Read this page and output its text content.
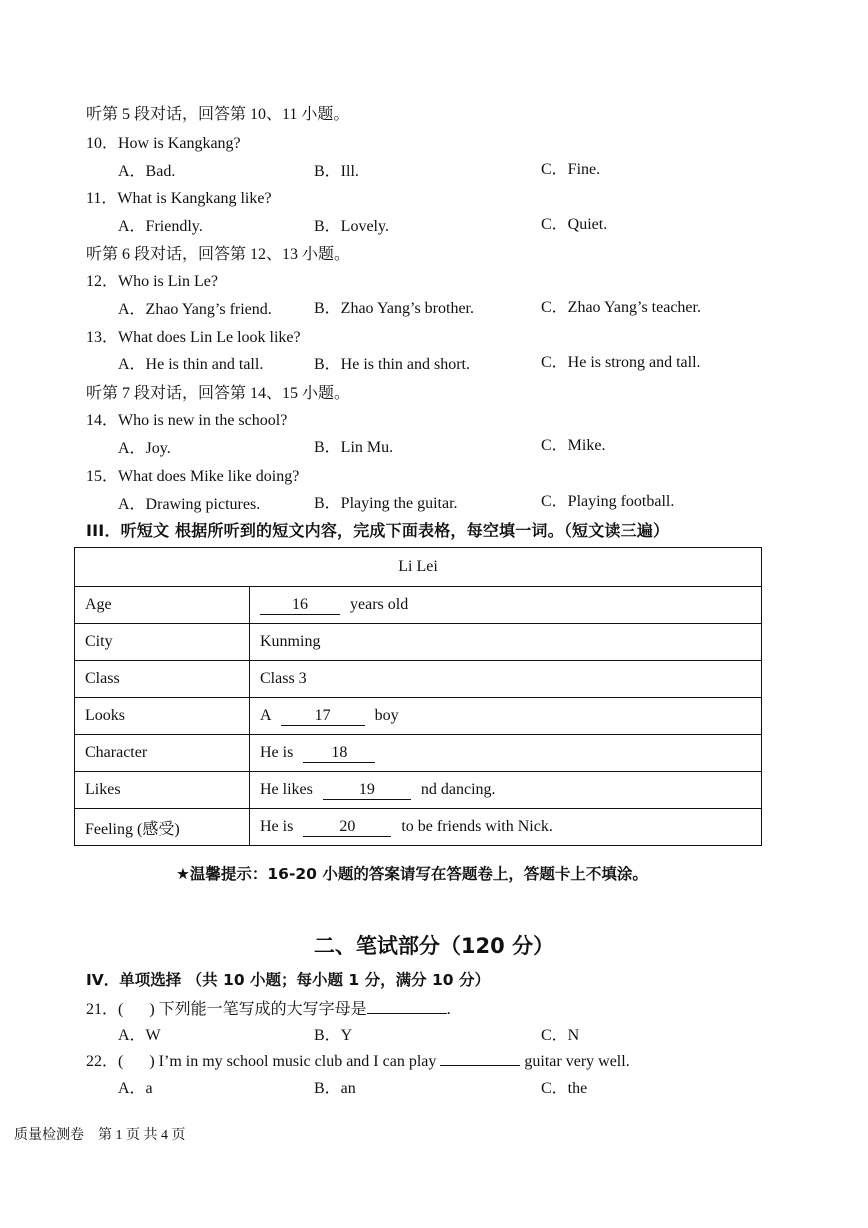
听第 5 段对话，回答第 10、11 小题。
10．How is Kangkang?
A．Bad.	B．Ill.	C．Fine.
11．What is Kangkang like?
A．Friendly.	B．Lovely.	C．Quiet.
听第 6 段对话，回答第 12、13 小题。
12．Who is Lin Le?
A．Zhao Yang’s friend.	B．Zhao Yang’s brother.	C．Zhao Yang’s teacher.
13．What does Lin Le look like?
A．He is thin and tall.	B．He is thin and short.	C．He is strong and tall.
听第 7 段对话，回答第 14、15 小题。
14．Who is new in the school?
A．Joy.	B．Lin Mu.	C．Mike.
15．What does Mike like doing?
A．Drawing pictures.	B．Playing the guitar.	C．Playing football.
III．听短文 根据所听到的短文内容，完成下面表格，每空填一词。（短文读三遍）
Li Lei	
Age	16 years old
City	Kunming
Class	Class 3
Looks	A 17 boy
Character	He is 18
Likes	He likes 19 nd dancing.
Feeling (感受)	He is 20 to be friends with Nick.
★温馨提示：16-20 小题的答案请写在答题卷上，答题卡上不填涂。
二、笔试部分（120 分）
IV．单项选择 （共 10 小题；每小题 1 分，满分 10 分）
21．( ) 下列能一笔写成的大写字母是	.
A．W	B．Y	C．N
22．( ) I’m in my school music club and I can play	guitar very well.
A．a	B．an	C．the
质量检测卷　第 1 页 共 4 页
